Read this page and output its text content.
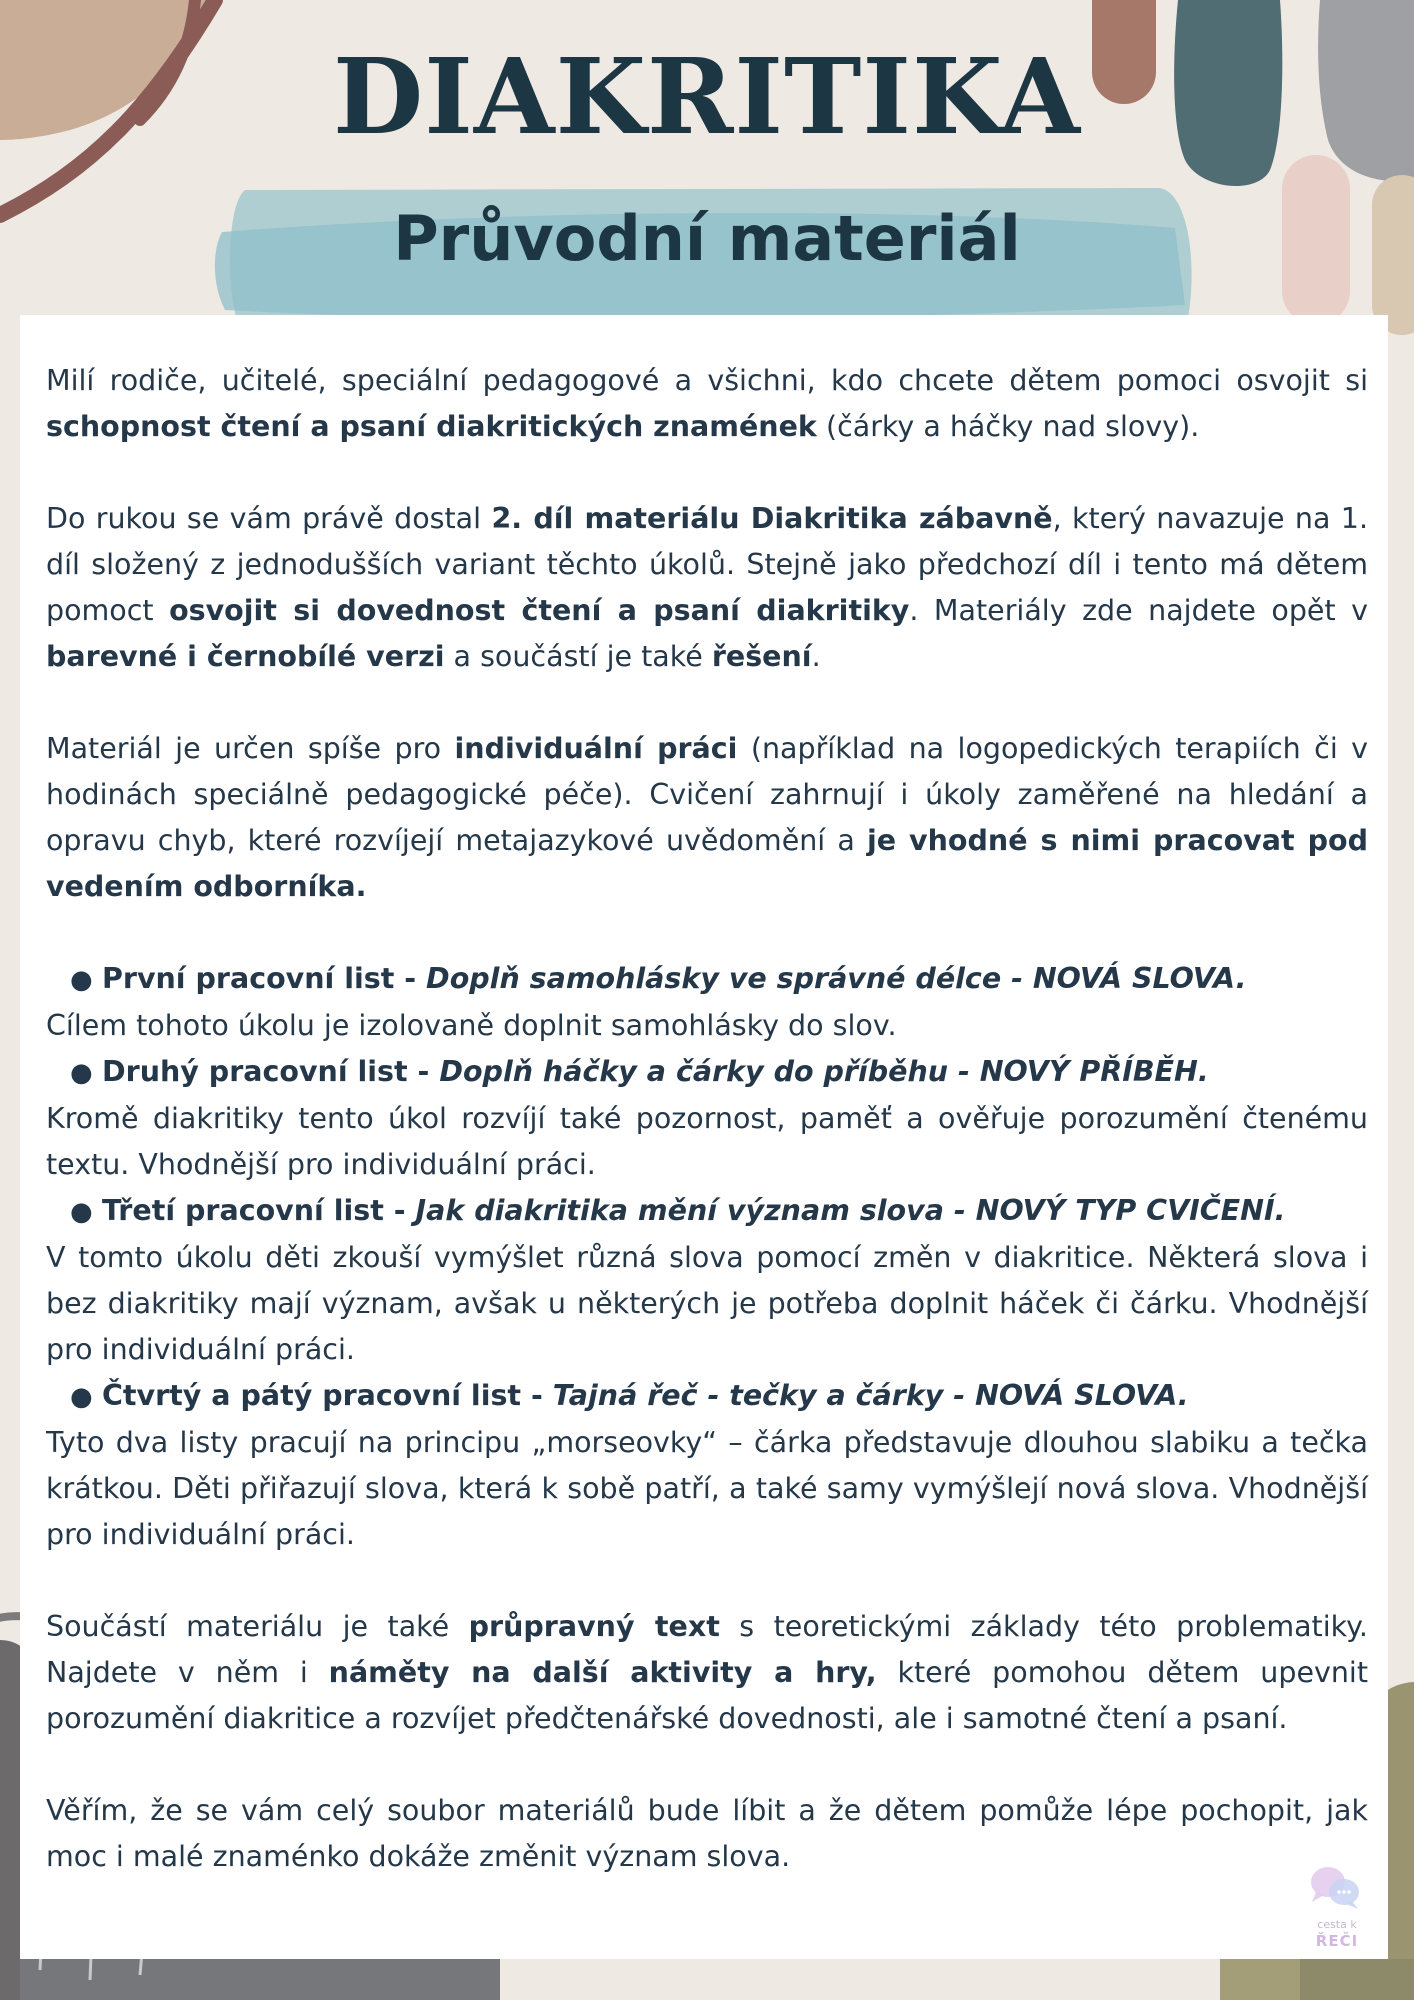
DIAKRITIKA
Průvodní materiál

Milí rodiče, učitelé, speciální pedagogové a všichni, kdo chcete dětem pomoci osvojit si schopnost čtení a psaní diakritických znamének (čárky a háčky nad slovy).

Do rukou se vám právě dostal 2. díl materiálu Diakritika zábavně, který navazuje na 1. díl složený z jednodušších variant těchto úkolů. Stejně jako předchozí díl i tento má dětem pomoct osvojit si dovednost čtení a psaní diakritiky. Materiály zde najdete opět v barevné i černobílé verzi a součástí je také řešení.

Materiál je určen spíše pro individuální práci (například na logopedických terapiích či v hodinách speciálně pedagogické péče). Cvičení zahrnují i úkoly zaměřené na hledání a opravu chyb, které rozvíjejí metajazykové uvědomění a je vhodné s nimi pracovat pod vedením odborníka.

● První pracovní list - Doplň samohlásky ve správné délce - NOVÁ SLOVA.

Cílem tohoto úkolu je izolovaně doplnit samohlásky do slov.

● Druhý pracovní list - Doplň háčky a čárky do příběhu - NOVÝ PŘÍBĚH.

Kromě diakritiky tento úkol rozvíjí také pozornost, paměť a ověřuje porozumění čtenému textu. Vhodnější pro individuální práci.

● Třetí pracovní list - Jak diakritika mění význam slova - NOVÝ TYP CVIČENÍ.

V tomto úkolu děti zkouší vymýšlet různá slova pomocí změn v diakritice. Některá slova i bez diakritiky mají význam, avšak u některých je potřeba doplnit háček či čárku. Vhodnější pro individuální práci.

● Čtvrtý a pátý pracovní list - Tajná řeč - tečky a čárky - NOVÁ SLOVA.

Tyto dva listy pracují na principu „morseovky“ – čárka představuje dlouhou slabiku a tečka krátkou. Děti přiřazují slova, která k sobě patří, a také samy vymýšlejí nová slova. Vhodnější pro individuální práci.

Součástí materiálu je také průpravný text s teoretickými základy této problematiky. Najdete v něm i náměty na další aktivity a hry, které pomohou dětem upevnit porozumění diakritice a rozvíjet předčtenářské dovednosti, ale i samotné čtení a psaní.

Věřím, že se vám celý soubor materiálů bude líbit a že dětem pomůže lépe pochopit, jak moc i malé znaménko dokáže změnit význam slova.

cesta k
ŘEČI
